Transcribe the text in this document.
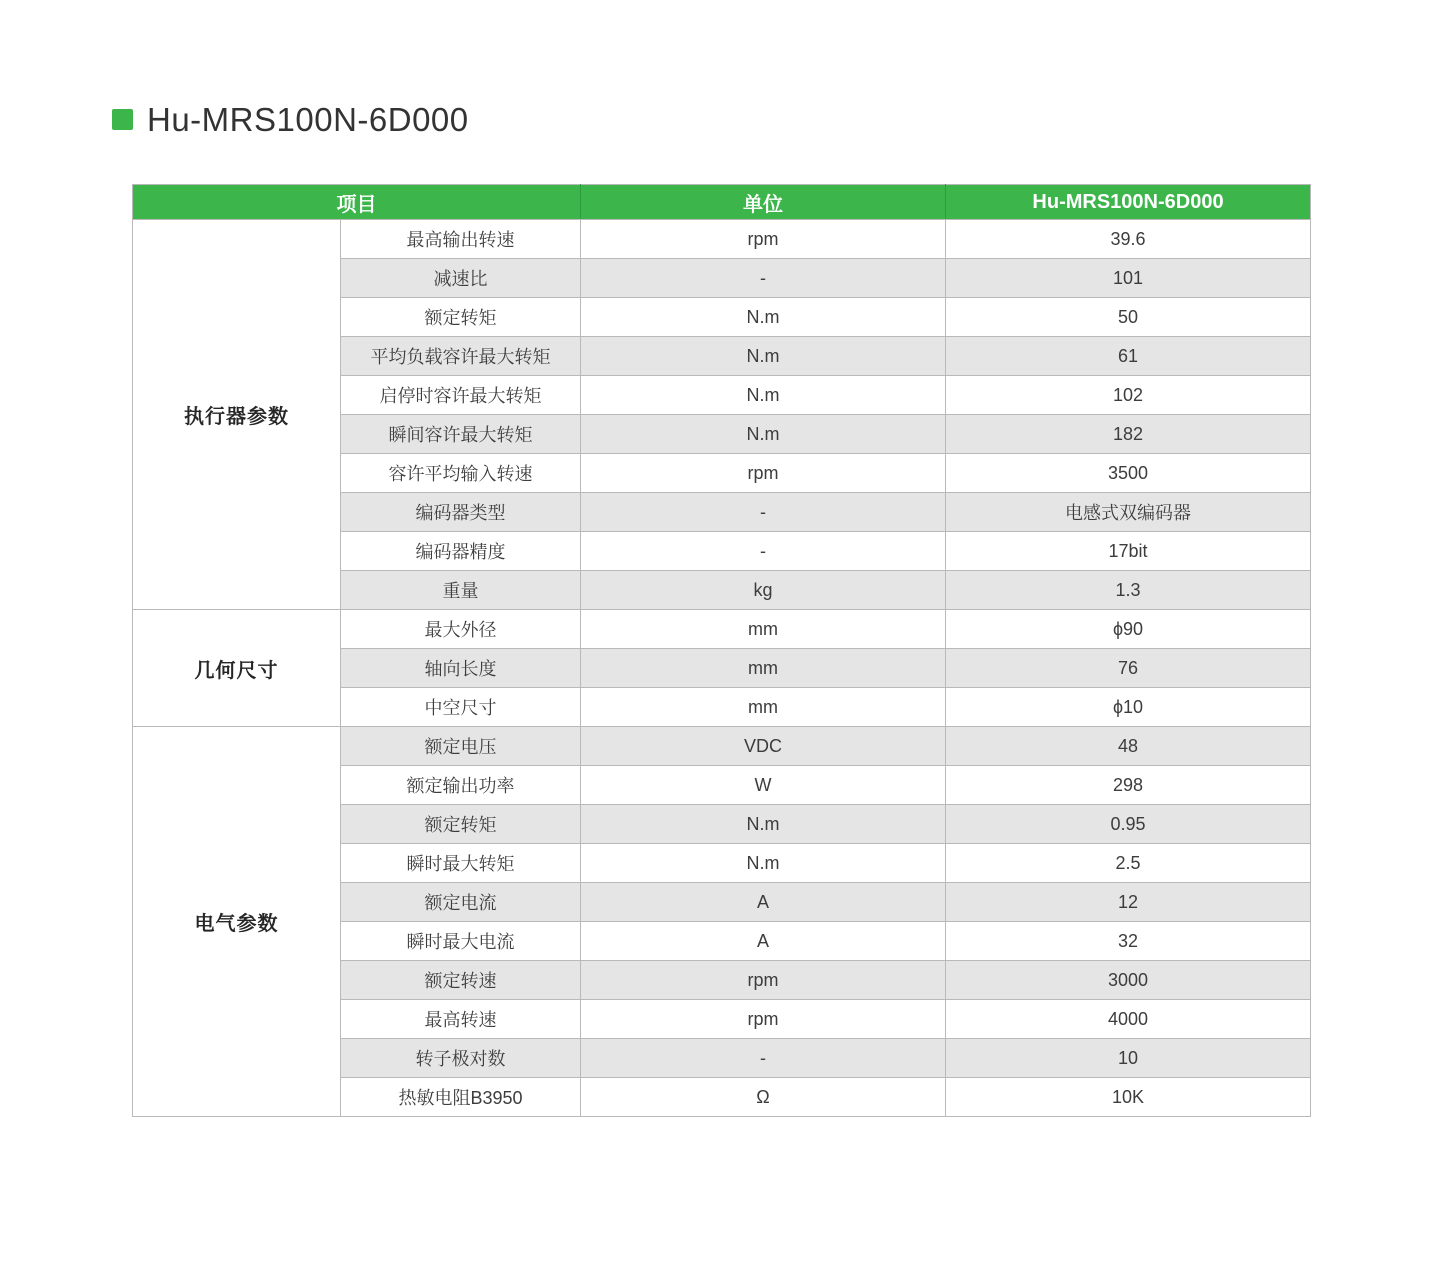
Hu-MRS100N-6D000
项目		单位	Hu-MRS100N-6D000
执行器参数	最高输出转速	rpm	39.6
	减速比	-	101
	额定转矩	N.m	50
	平均负载容许最大转矩	N.m	61
	启停时容许最大转矩	N.m	102
	瞬间容许最大转矩	N.m	182
	容许平均输入转速	rpm	3500
	编码器类型	-	电感式双编码器
	编码器精度	-	17bit
	重量	kg	1.3
几何尺寸	最大外径	mm	ϕ90
	轴向长度	mm	76
	中空尺寸	mm	ϕ10
电气参数	额定电压	VDC	48
	额定输出功率	W	298
	额定转矩	N.m	0.95
	瞬时最大转矩	N.m	2.5
	额定电流	A	12
	瞬时最大电流	A	32
	额定转速	rpm	3000
	最高转速	rpm	4000
	转子极对数	-	10
	热敏电阻B3950	Ω	10K
